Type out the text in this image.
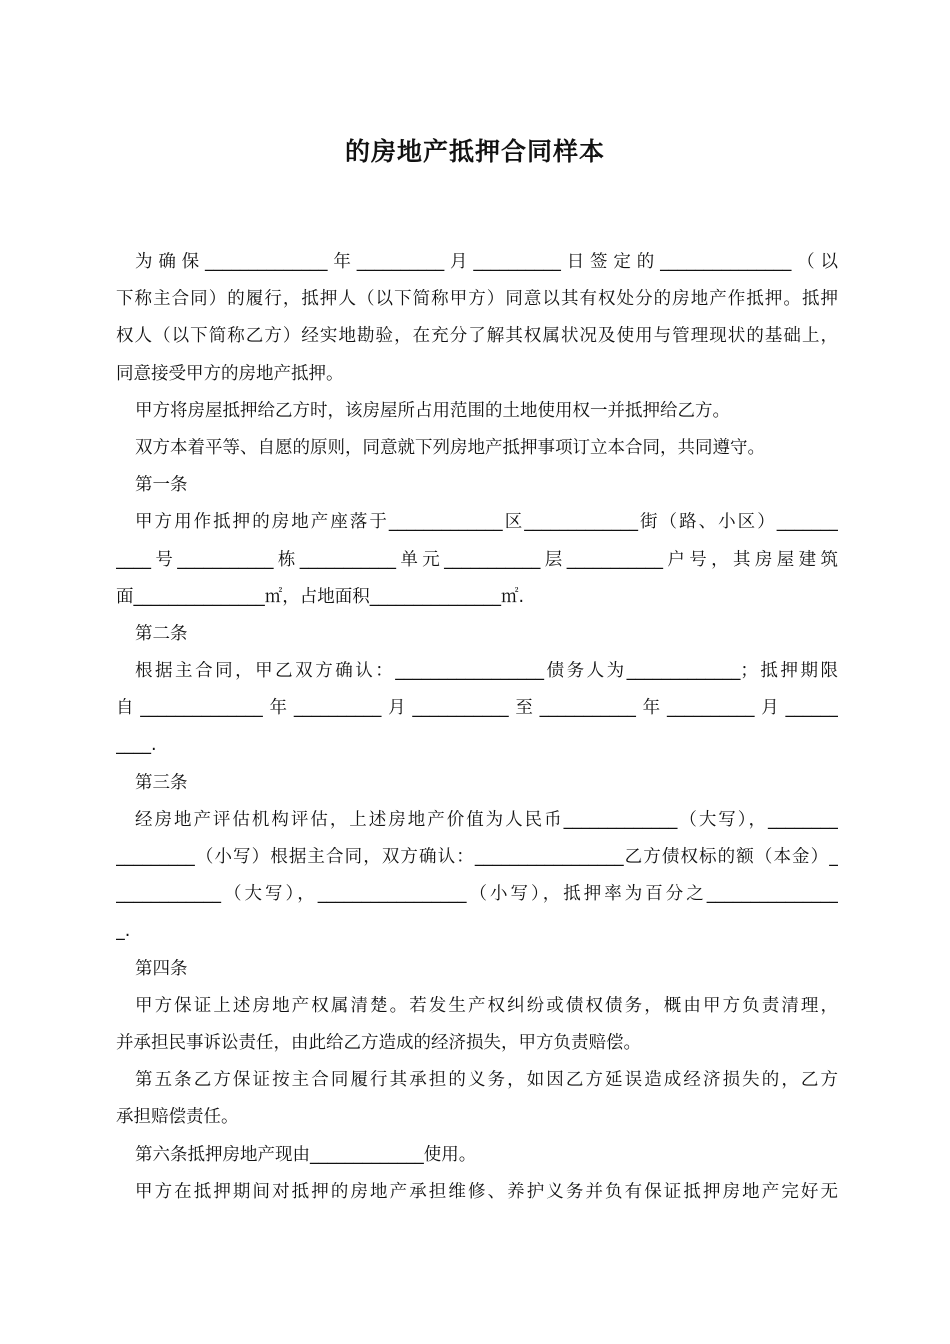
的房地产抵押合同样本
为确保______________年__________月__________日签定的_______________（以
下称主合同）的履行，抵押人（以下简称甲方）同意以其有权处分的房地产作抵押。抵押
权人（以下简称乙方）经实地勘验，在充分了解其权属状况及使用与管理现状的基础上，
同意接受甲方的房地产抵押。
甲方将房屋抵押给乙方时，该房屋所占用范围的土地使用权一并抵押给乙方。
双方本着平等、自愿的原则，同意就下列房地产抵押事项订立本合同，共同遵守。
第一条
甲方用作抵押的房地产座落于_____________区_____________街（路、小区）_______
____号___________栋___________单元___________层___________户号，其房屋建筑
面_______________㎡，占地面积_______________㎡.
第二条
根据主合同，甲乙双方确认：_________________债务人为_____________；抵押期限
自______________年__________月___________至___________年__________月______
____.
第三条
经房地产评估机构评估，上述房地产价值为人民币_____________（大写），________
_________（小写）根据主合同，双方确认：_________________乙方债权标的额（本金）_
____________（大写），_________________（小写），抵押率为百分之_______________
_.
第四条
甲方保证上述房地产权属清楚。若发生产权纠纷或债权债务，概由甲方负责清理，
并承担民事诉讼责任，由此给乙方造成的经济损失，甲方负责赔偿。
第五条乙方保证按主合同履行其承担的义务，如因乙方延误造成经济损失的，乙方
承担赔偿责任。
第六条抵押房地产现由_____________使用。
甲方在抵押期间对抵押的房地产承担维修、养护义务并负有保证抵押房地产完好无
